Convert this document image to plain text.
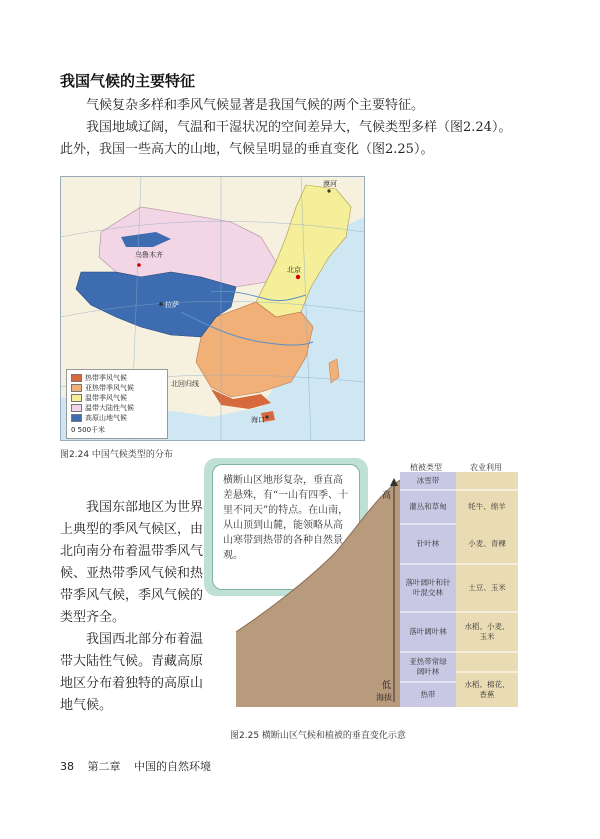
我国气候的主要特征
气候复杂多样和季风气候显著是我国气候的两个主要特征。
我国地域辽阔，气温和干湿状况的空间差异大，气候类型多样（图2.24）。
此外，我国一些高大的山地，气候呈明显的垂直变化（图2.25）。
乌鲁木齐
漠河
北京
拉萨
北回归线
海口
热带季风气候
亚热带季风气候
温带季风气候
温带大陆性气候
高原山地气候
0 500千米
图2.24 中国气候类型的分布
横断山区地形复杂，垂直高差悬殊，有“一山有四季、十里不同天”的特点。在山南，从山顶到山麓，能领略从高山寒带到热带的各种自然景观。

我国东部地区为世界上典型的季风气候区，由北向南分布着温带季风气候、亚热带季风气候和热带季风气候，季风气候的类型齐全。

我国西北部分布着温带大陆性气候。青藏高原地区分布着独特的高原山地气候。

植被类型	农业利用
高
低
海拔
冰雪带
灌丛和草甸
针叶林
落叶阔叶和针叶混交林
落叶阔叶林
亚热带常绿阔叶林
热带
牦牛、绵羊
小麦、青稞
土豆、玉米
水稻、小麦、玉米
水稻、棉花、香蕉
图2.25 横断山区气候和植被的垂直变化示意
38 第二章 中国的自然环境
